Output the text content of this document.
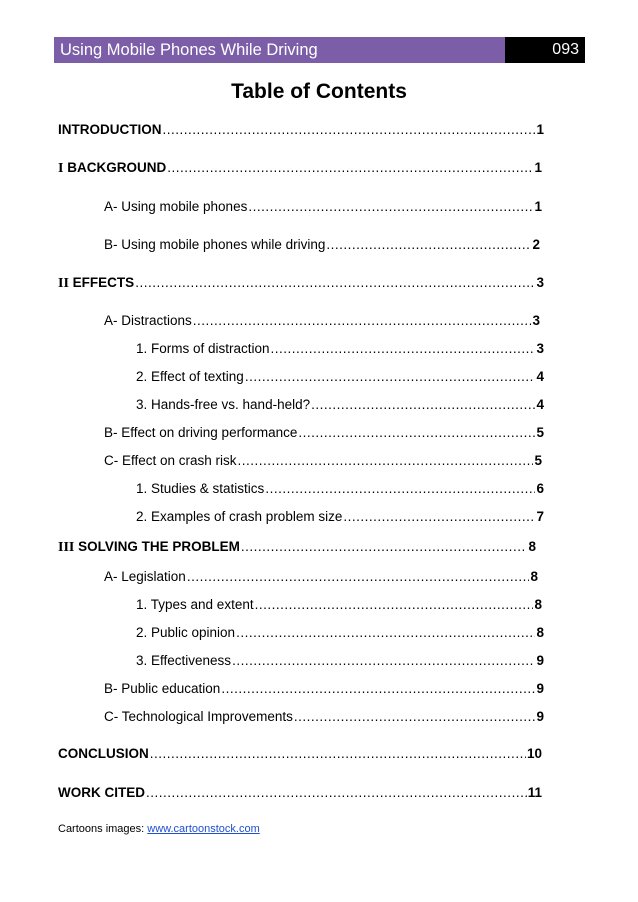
Using Mobile Phones While Driving	093
Table of Contents
INTRODUCTION .....	1
I BACKGROUND .....	1
A- Using mobile phones .....	1
B- Using mobile phones while driving .....	2
II EFFECTS .....	3
A- Distractions .....	3
1. Forms of distraction .....	3
2. Effect of texting .....	4
3. Hands-free vs. hand-held? .....	4
B- Effect on driving performance .....	5
C- Effect on crash risk .....	5
1. Studies & statistics .....	6
2. Examples of crash problem size .....	7
III SOLVING THE PROBLEM .....	8
A- Legislation .....	8
1. Types and extent .....	8
2. Public opinion .....	8
3. Effectiveness .....	9
B- Public education .....	9
C- Technological Improvements .....	9
CONCLUSION .....	10
WORK CITED .....	11
Cartoons images: www.cartoonstock.com
